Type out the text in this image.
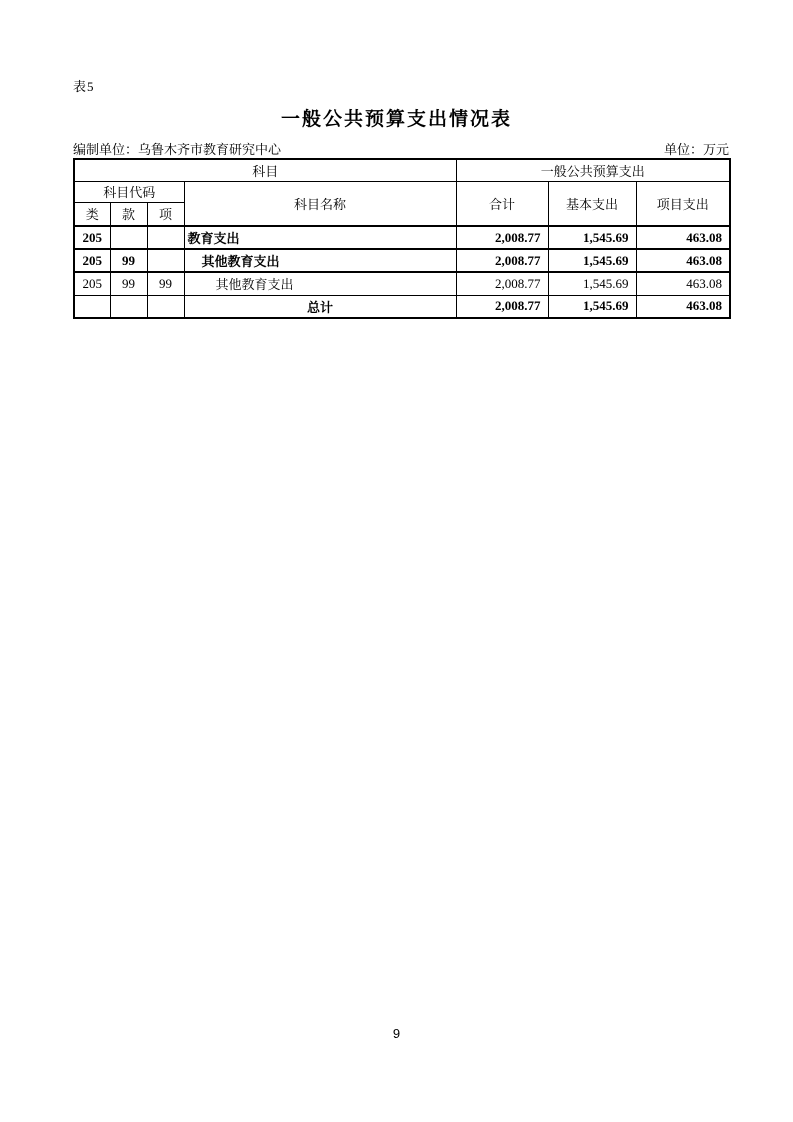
表5
一般公共预算支出情况表
编制单位：乌鲁木齐市教育研究中心	单位：万元
科目				一般公共预算支出		
科目代码			科目名称	合计	基本支出	项目支出
类	款	项				
205			教育支出	2,008.77	1,545.69	463.08
205	99		其他教育支出	2,008.77	1,545.69	463.08
205	99	99	其他教育支出	2,008.77	1,545.69	463.08
			总计	2,008.77	1,545.69	463.08
9
